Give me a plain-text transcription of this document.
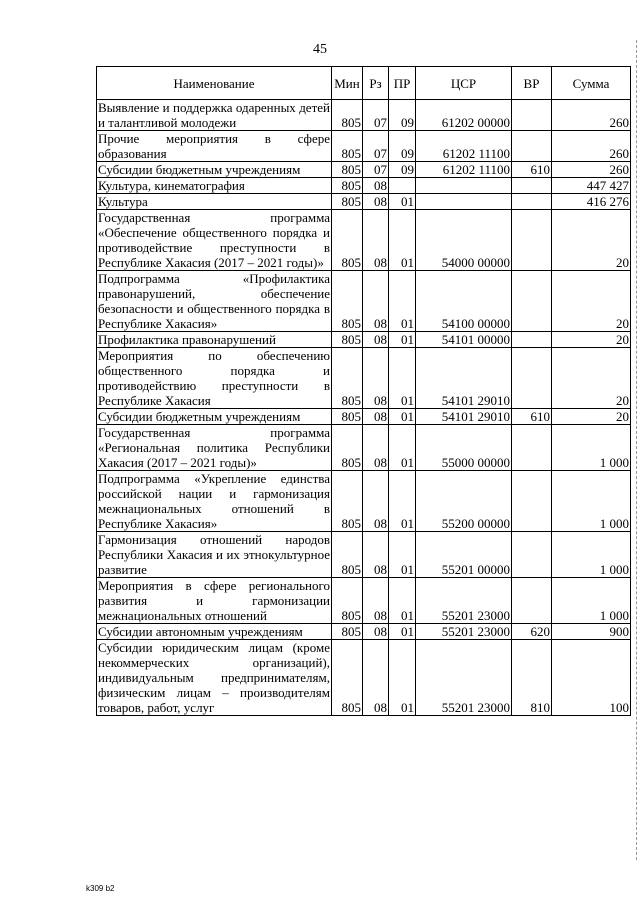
45
Наименование	Мин	Рз	ПР	ЦСР	ВР	Сумма
Выявление и поддержка одаренных детей и талантливой молодежи	805	07	09	61202 00000		260
Прочие мероприятия в сфере образования	805	07	09	61202 11100		260
Субсидии бюджетным учреждениям	805	07	09	61202 11100	610	260
Культура, кинематография	805	08				447 427
Культура	805	08	01			416 276
Государственная программа «Обеспечение общественного порядка и противодействие преступности в Республике Хакасия (2017 – 2021 годы)»	805	08	01	54000 00000		20
Подпрограмма «Профилактика правонарушений, обеспечение безопасности и общественного порядка в Республике Хакасия»	805	08	01	54100 00000		20
Профилактика правонарушений	805	08	01	54101 00000		20
Мероприятия по обеспечению общественного порядка и противодействию преступности в Республике Хакасия	805	08	01	54101 29010		20
Субсидии бюджетным учреждениям	805	08	01	54101 29010	610	20
Государственная программа «Региональная политика Республики Хакасия (2017 – 2021 годы)»	805	08	01	55000 00000		1 000
Подпрограмма «Укрепление единства российской нации и гармонизация межнациональных отношений в Республике Хакасия»	805	08	01	55200 00000		1 000
Гармонизация отношений народов Республики Хакасия и их этнокультурное развитие	805	08	01	55201 00000		1 000
Мероприятия в сфере регионального развития и гармонизации межнациональных отношений	805	08	01	55201 23000		1 000
Субсидии автономным учреждениям	805	08	01	55201 23000	620	900
Субсидии юридическим лицам (кроме некоммерческих организаций), индивидуальным предпринимателям, физическим лицам – производителям товаров, работ, услуг	805	08	01	55201 23000	810	100
k309 b2
